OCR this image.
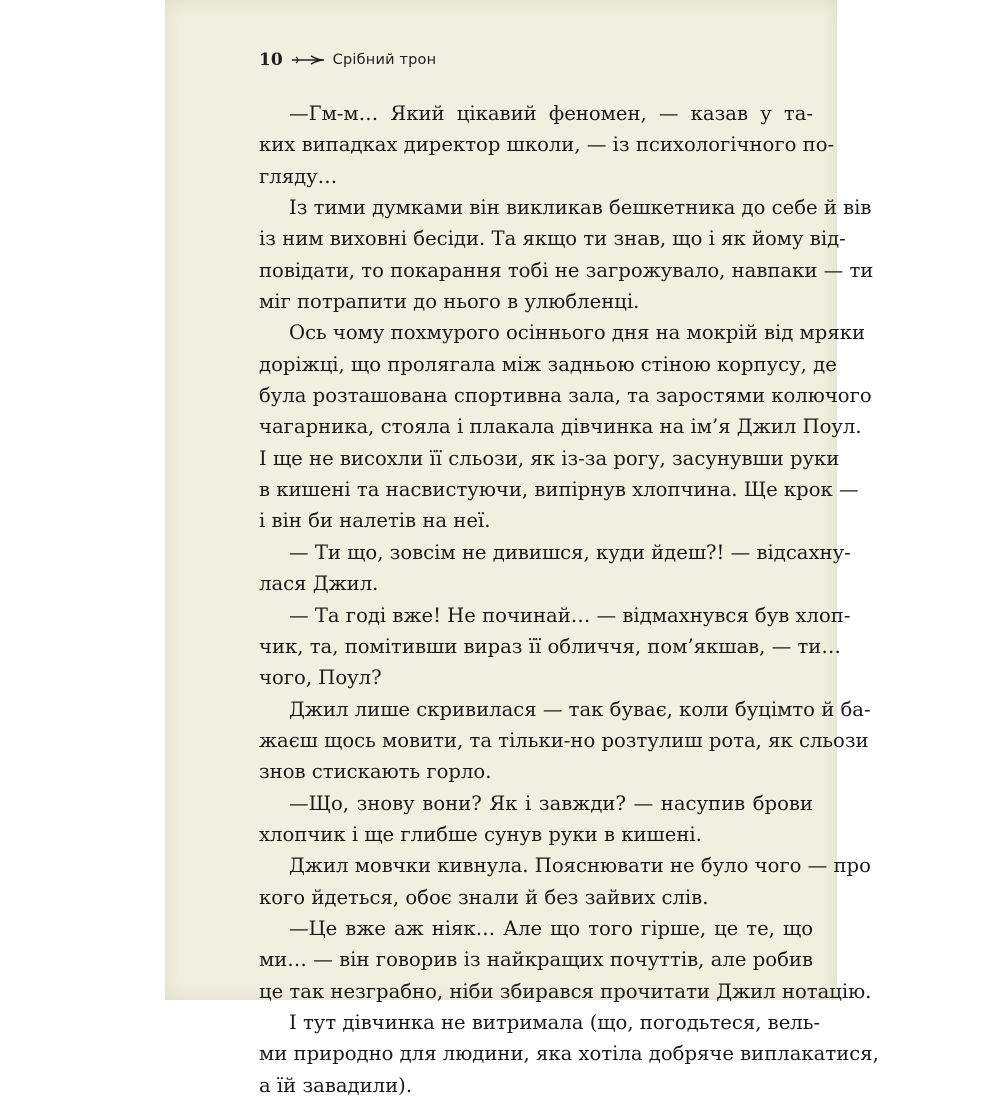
10	Срібний трон
—Гм-м… Який цікавий феномен, — казав у та-
ких випадках директор школи, — із психологічного по-
гляду…
Із тими думками він викликав бешкетника до себе й вів
із ним виховні бесіди. Та якщо ти знав, що і як йому від-
повідати, то покарання тобі не загрожувало, навпаки — ти
міг потрапити до нього в улюбленці.
Ось чому похмурого осіннього дня на мокрій від мряки
доріжці, що пролягала між задньою стіною корпусу, де
була розташована спортивна зала, та заростями колючого
чагарника, стояла і плакала дівчинка на ім’я Джил Поул.
І ще не висохли її сльози, як із-за рогу, засунувши руки
в кишені та насвистуючи, випірнув хлопчина. Ще крок —
і він би налетів на неї.
— Ти що, зовсім не дивишся, куди йдеш?! — відсахну-
лася Джил.
— Та годі вже! Не починай… — відмахнувся був хлоп-
чик, та, помітивши вираз її обличчя, пом’якшав, — ти…
чого, Поул?
Джил лише скривилася — так буває, коли буцімто й ба-
жаєш щось мовити, та тільки-но розтулиш рота, як сльози
знов стискають горло.
—Що, знову вони? Як і завжди? — насупив брови
хлопчик і ще глибше сунув руки в кишені.
Джил мовчки кивнула. Пояснювати не було чого — про
кого йдеться, обоє знали й без зайвих слів.
—Це вже аж ніяк… Але що того гірше, це те, що
ми… — він говорив із найкращих почуттів, але робив
це так незграбно, ніби збирався прочитати Джил нотацію.
І тут дівчинка не витримала (що, погодьтеся, вель-
ми природно для людини, яка хотіла добряче виплакатися,
а їй завадили).
